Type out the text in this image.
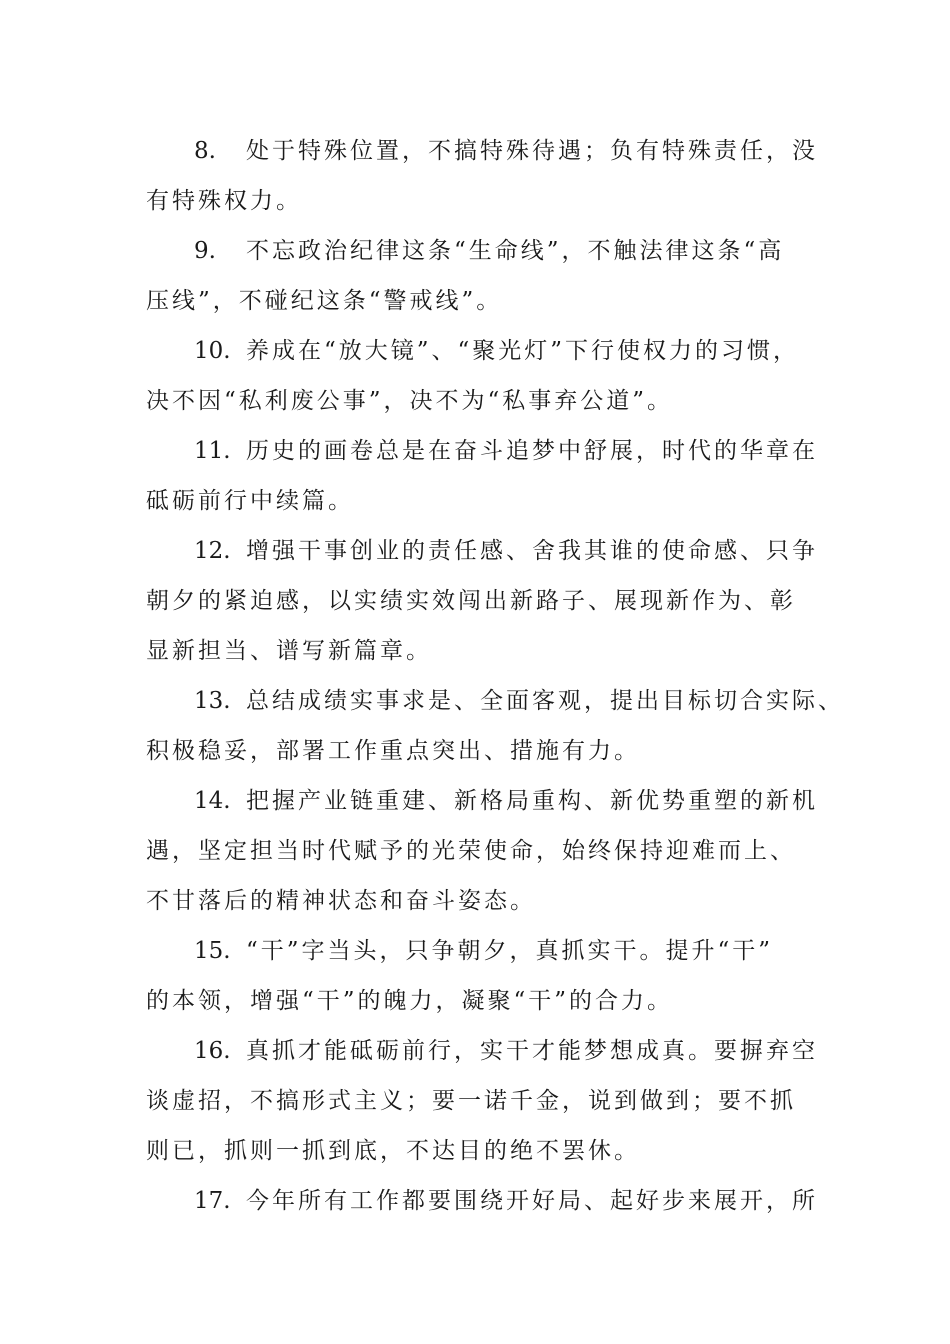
8. 处于特殊位置，不搞特殊待遇；负有特殊责任，没
有特殊权力。
9. 不忘政治纪律这条“生命线”，不触法律这条“高
压线”，不碰纪这条“警戒线”。
10. 养成在“放大镜”、“聚光灯”下行使权力的习惯，
决不因“私利废公事”，决不为“私事弃公道”。
11. 历史的画卷总是在奋斗追梦中舒展，时代的华章在
砥砺前行中续篇。
12. 增强干事创业的责任感、舍我其谁的使命感、只争
朝夕的紧迫感，以实绩实效闯出新路子、展现新作为、彰
显新担当、谱写新篇章。
13. 总结成绩实事求是、全面客观，提出目标切合实际、
积极稳妥，部署工作重点突出、措施有力。
14. 把握产业链重建、新格局重构、新优势重塑的新机
遇，坚定担当时代赋予的光荣使命，始终保持迎难而上、
不甘落后的精神状态和奋斗姿态。
15. “干”字当头，只争朝夕，真抓实干。提升“干”
的本领，增强“干”的魄力，凝聚“干”的合力。
16. 真抓才能砥砺前行，实干才能梦想成真。要摒弃空
谈虚招，不搞形式主义；要一诺千金，说到做到；要不抓
则已，抓则一抓到底，不达目的绝不罢休。
17. 今年所有工作都要围绕开好局、起好步来展开，所
